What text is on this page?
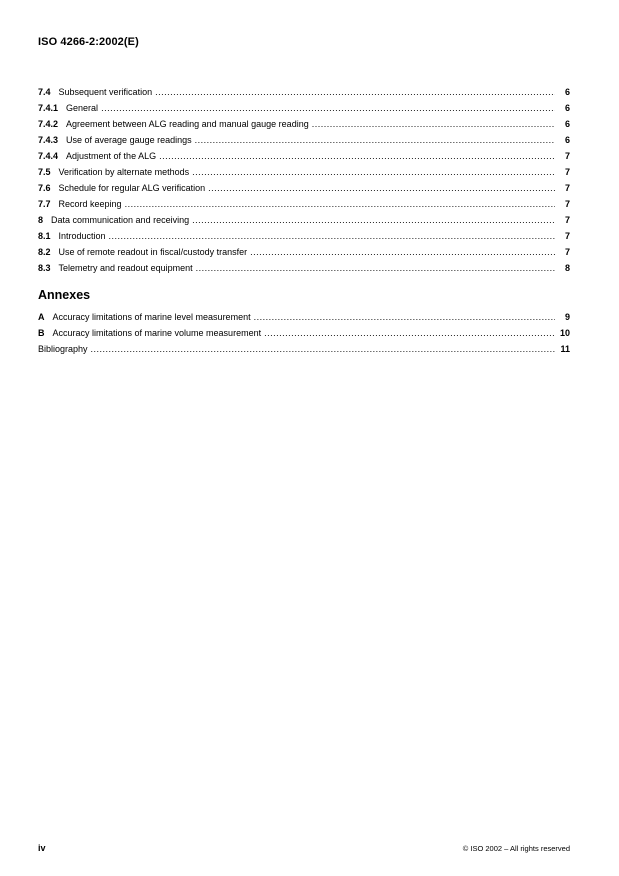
ISO 4266-2:2002(E)
7.4 Subsequent verification .....	6
7.4.1 General .....	6
7.4.2 Agreement between ALG reading and manual gauge reading .....	6
7.4.3 Use of average gauge readings .....	6
7.4.4 Adjustment of the ALG .....	7
7.5 Verification by alternate methods .....	7
7.6 Schedule for regular ALG verification .....	7
7.7 Record keeping .....	7
8 Data communication and receiving .....	7
8.1 Introduction .....	7
8.2 Use of remote readout in fiscal/custody transfer .....	7
8.3 Telemetry and readout equipment .....	8
Annexes
A Accuracy limitations of marine level measurement .....	9
B Accuracy limitations of marine volume measurement .....	10
Bibliography .....	11
iv	© ISO 2002 – All rights reserved
